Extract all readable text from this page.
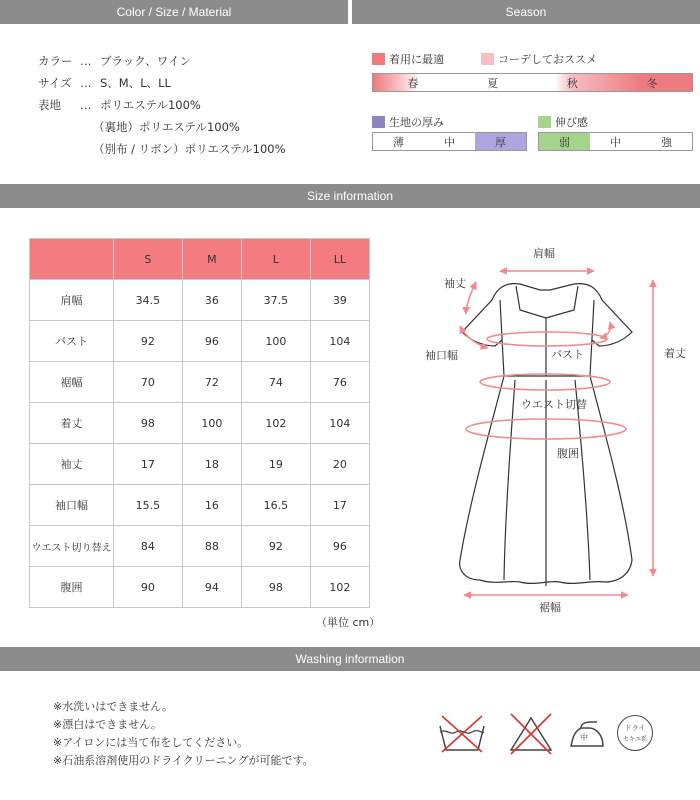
Color / Size / Material	Season
カラー … ブラック、ワイン
サイズ … S、M、L、LL
表地 … ポリエステル100%
（裏地）ポリエステル100%
（別布 / リボン）ポリエステル100%
着用に最適	コーデしておススメ
春	夏	秋	冬
生地の厚み	伸び感
薄	中	厚	弱	中	強
Size information
	S	M	L	LL
肩幅	34.5	36	37.5	39
バスト	92	96	100	104
裾幅	70	72	74	76
着丈	98	100	102	104
袖丈	17	18	19	20
袖口幅	15.5	16	16.5	17
ウエスト切り替え	84	88	92	96
腹囲	90	94	98	102
（単位 cm）
肩幅
袖丈
袖口幅	バスト	着丈
ウエスト切替
腹囲
裾幅
Washing information
※水洗いはできません。
※漂白はできません。
※アイロンには当て布をしてください。
※石油系溶剤使用のドライクリーニングが可能です。
中
ドライ
セキユ系
